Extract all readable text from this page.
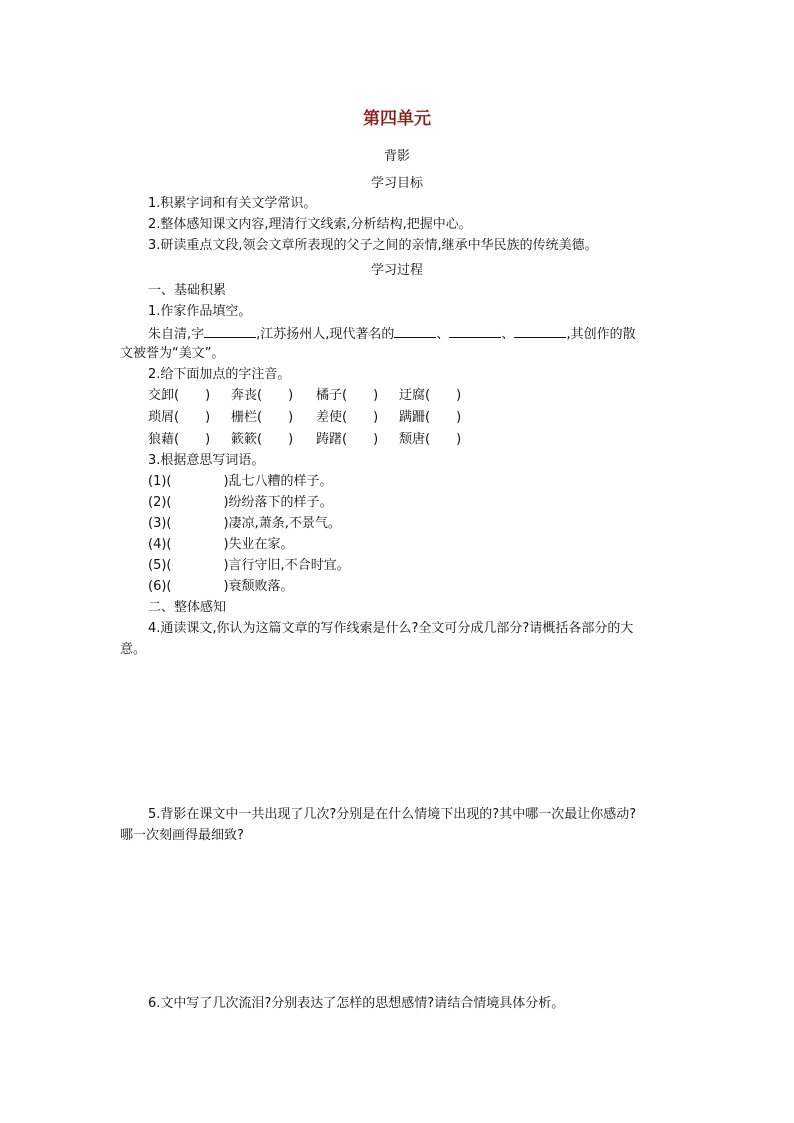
第四单元
背影
学习目标
1.积累字词和有关文学常识。
2.整体感知课文内容,理清行文线索,分析结构,把握中心。
3.研读重点文段,领会文章所表现的父子之间的亲情,继承中华民族的传统美德。
学习过程
一、基础积累
1.作家作品填空。
朱自清,字	,江苏扬州人,现代著名的	、	、	,其创作的散
文被誉为“美文”。
2.给下面加点的字注音。
交卸(　　) 奔丧(　　) 橘子(　　) 迂腐(　　)
琐屑(　　) 栅栏(　　) 差使(　　) 蹒跚(　　)
狼藉(　　) 簌簌(　　) 踌躇(　　) 颓唐(　　)
3.根据意思写词语。
(1)(　　　　)乱七八糟的样子。
(2)(　　　　)纷纷落下的样子。
(3)(　　　　)凄凉,萧条,不景气。
(4)(　　　　)失业在家。
(5)(　　　　)言行守旧,不合时宜。
(6)(　　　　)衰颓败落。
二、整体感知
4.通读课文,你认为这篇文章的写作线索是什么?全文可分成几部分?请概括各部分的大
意。
5.背影在课文中一共出现了几次?分别是在什么情境下出现的?其中哪一次最让你感动?
哪一次刻画得最细致?
6.文中写了几次流泪?分别表达了怎样的思想感情?请结合情境具体分析。
